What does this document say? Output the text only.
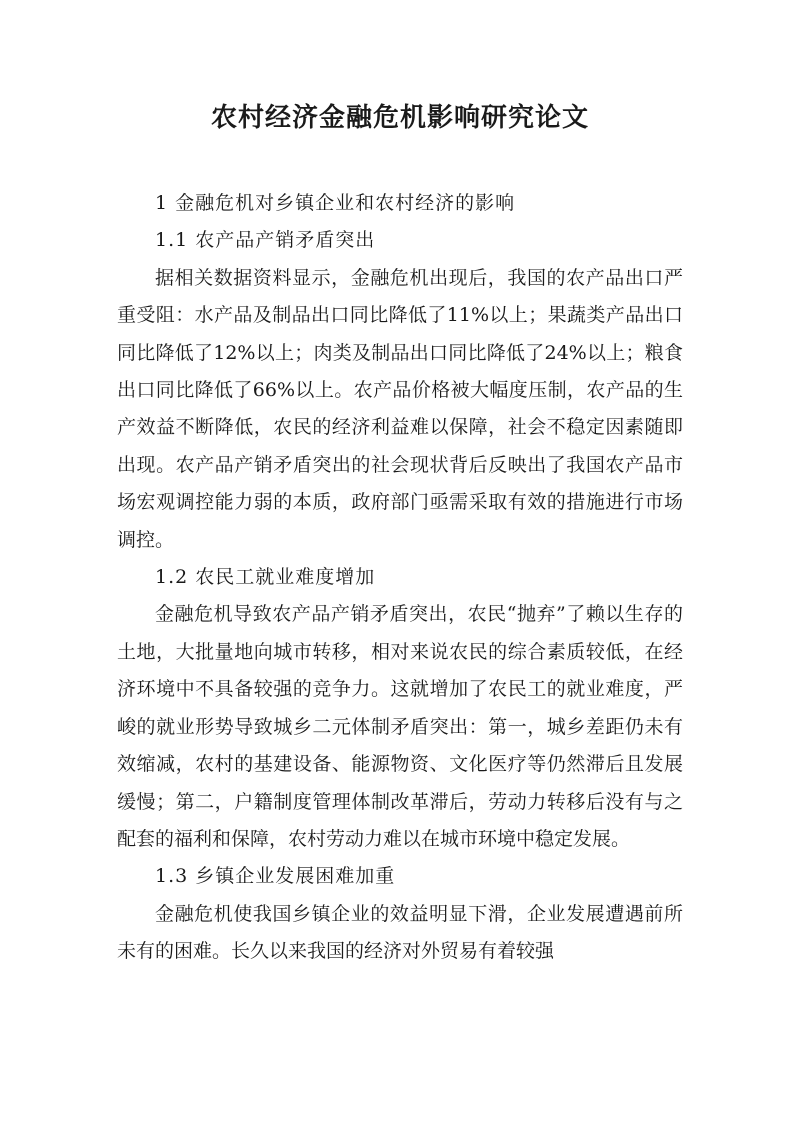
农村经济金融危机影响研究论文
1 金融危机对乡镇企业和农村经济的影响
1.1 农产品产销矛盾突出

据相关数据资料显示，金融危机出现后，我国的农产品出口严重受阻：水产品及制品出口同比降低了11%以上；果蔬类产品出口同比降低了12%以上；肉类及制品出口同比降低了24%以上；粮食出口同比降低了66%以上。农产品价格被大幅度压制，农产品的生产效益不断降低，农民的经济利益难以保障，社会不稳定因素随即出现。农产品产销矛盾突出的社会现状背后反映出了我国农产品市场宏观调控能力弱的本质，政府部门亟需采取有效的措施进行市场调控。

1.2 农民工就业难度增加

金融危机导致农产品产销矛盾突出，农民“抛弃”了赖以生存的土地，大批量地向城市转移，相对来说农民的综合素质较低，在经济环境中不具备较强的竞争力。这就增加了农民工的就业难度，严峻的就业形势导致城乡二元体制矛盾突出：第一，城乡差距仍未有效缩减，农村的基建设备、能源物资、文化医疗等仍然滞后且发展缓慢；第二，户籍制度管理体制改革滞后，劳动力转移后没有与之配套的福利和保障，农村劳动力难以在城市环境中稳定发展。

1.3 乡镇企业发展困难加重

金融危机使我国乡镇企业的效益明显下滑，企业发展遭遇前所未有的困难。长久以来我国的经济对外贸易有着较强
